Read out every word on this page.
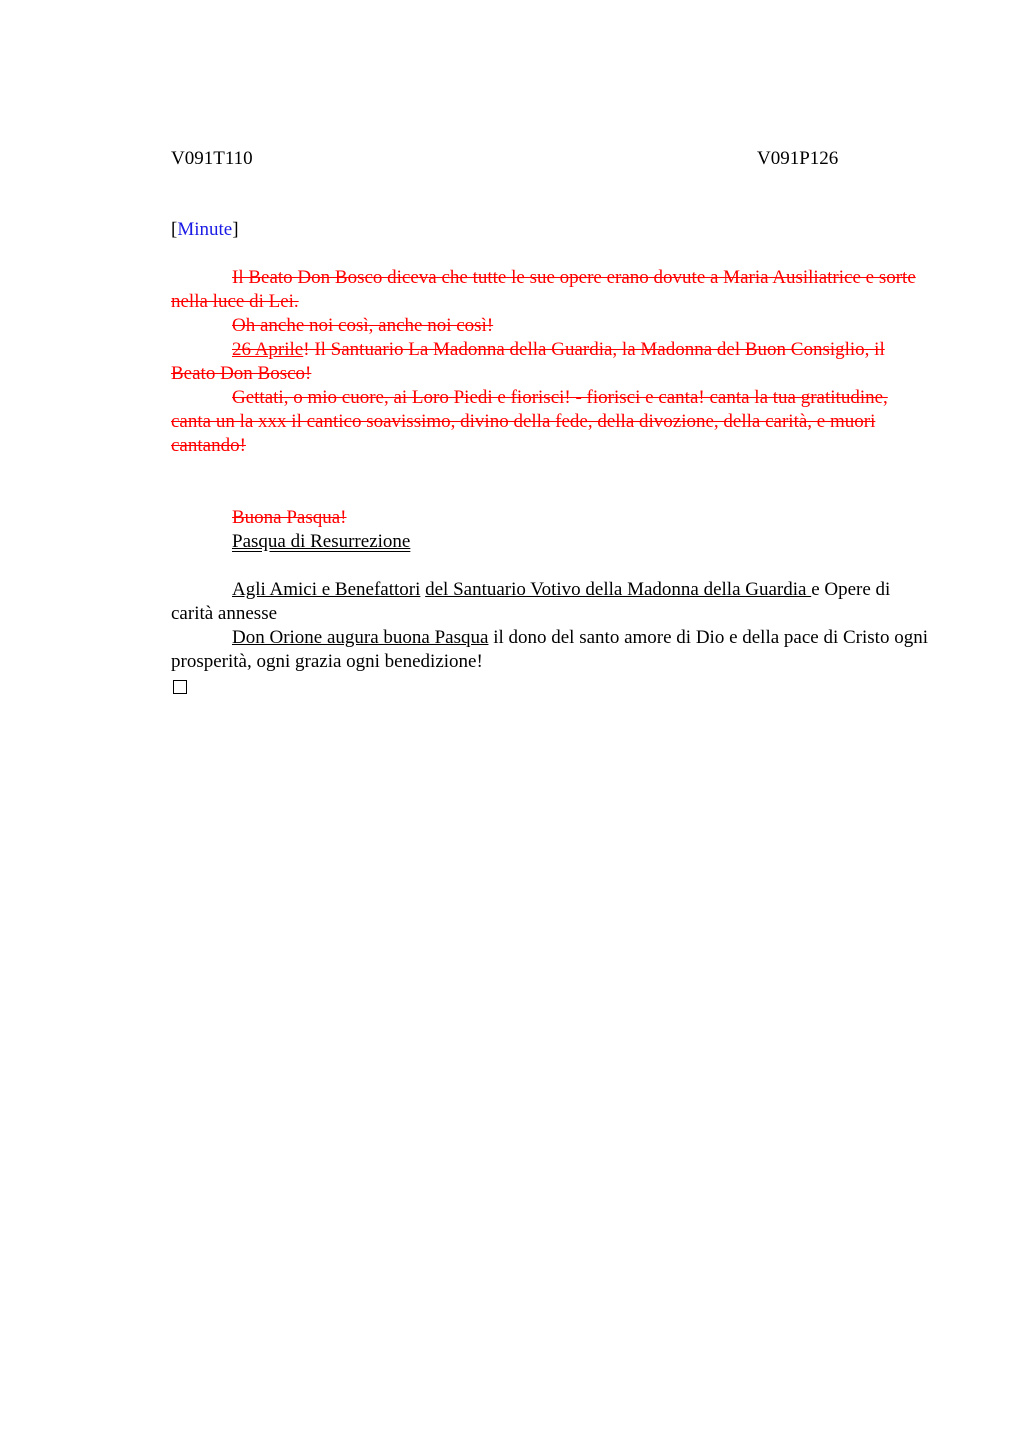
V091T110	V091P126
[Minute]

Il Beato Don Bosco diceva che tutte le sue opere erano dovute a Maria Ausiliatrice e sorte nella luce di Lei.

Oh anche noi così, anche noi così!

26 Aprile! Il Santuario La Madonna della Guardia, la Madonna del Buon Consiglio, il Beato Don Bosco!

Gettati, o mio cuore, ai Loro Piedi e fiorisci! - fiorisci e canta! canta la tua gratitudine, canta un la xxx il cantico soavissimo, divino della fede, della divozione, della carità, e muori cantando!

Buona Pasqua!

Pasqua di Resurrezione

Agli Amici e Benefattori del Santuario Votivo della Madonna della Guardia e Opere di carità annesse

Don Orione augura buona Pasqua il dono del santo amore di Dio e della pace di Cristo ogni prosperità, ogni grazia ogni benedizione!
